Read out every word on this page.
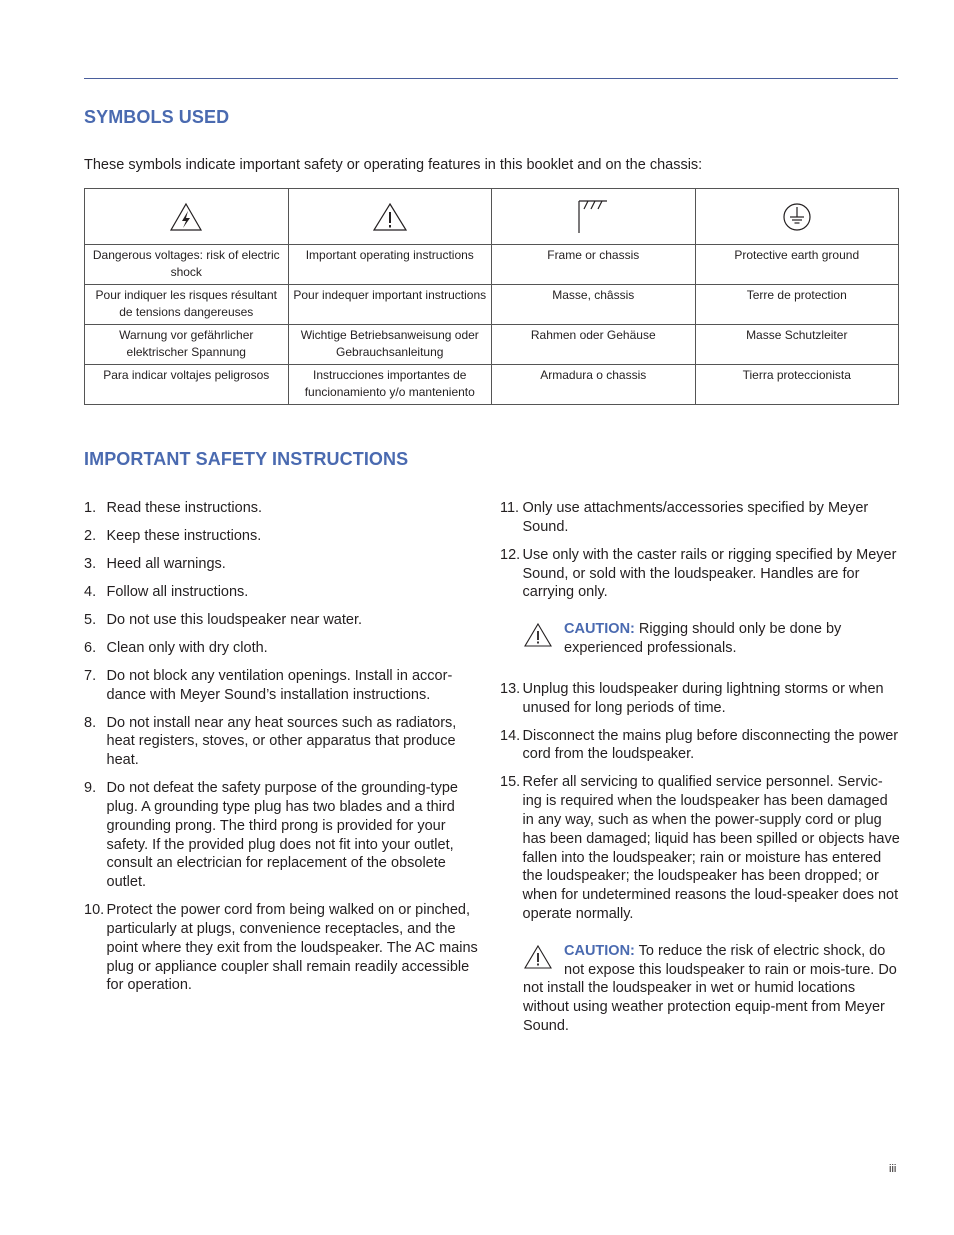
SYMBOLS USED
These symbols indicate important safety or operating features in this booklet and on the chassis:

Dangerous voltages: risk of electric shock	Important operating instructions	Frame or chassis	Protective earth ground
Pour indiquer les risques résultant de tensions dangereuses	Pour indequer important instructions	Masse, châssis	Terre de protection
Warnung vor gefährlicher elektrischer Spannung	Wichtige Betriebsanweisung oder Gebrauchsanleitung	Rahmen oder Gehäuse	Masse Schutzleiter
Para indicar voltajes peligrosos	Instrucciones importantes de funcionamiento y/o manteniento	Armadura o chassis	Tierra proteccionista
IMPORTANT SAFETY INSTRUCTIONS
1. Read these instructions.
2. Keep these instructions.
3. Heed all warnings.
4. Follow all instructions.
5. Do not use this loudspeaker near water.
6. Clean only with dry cloth.
7. Do not block any ventilation openings. Install in accor-dance with Meyer Sound’s installation instructions.
8. Do not install near any heat sources such as radiators, heat registers, stoves, or other apparatus that produce heat.
9. Do not defeat the safety purpose of the grounding-type plug. A grounding type plug has two blades and a third grounding prong. The third prong is provided for your safety. If the provided plug does not fit into your outlet, consult an electrician for replacement of the obsolete outlet.
10. Protect the power cord from being walked on or pinched, particularly at plugs, convenience receptacles, and the point where they exit from the loudspeaker. The AC mains plug or appliance coupler shall remain readily accessible for operation.
11. Only use attachments/accessories specified by Meyer Sound.
12. Use only with the caster rails or rigging specified by Meyer Sound, or sold with the loudspeaker. Handles are for carrying only.
CAUTION: Rigging should only be done by experienced professionals.
13. Unplug this loudspeaker during lightning storms or when unused for long periods of time.
14. Disconnect the mains plug before disconnecting the power cord from the loudspeaker.
15. Refer all servicing to qualified service personnel. Servic-ing is required when the loudspeaker has been damaged in any way, such as when the power-supply cord or plug has been damaged; liquid has been spilled or objects have fallen into the loudspeaker; rain or moisture has entered the loudspeaker; the loudspeaker has been dropped; or when for undetermined reasons the loud-speaker does not operate normally.
CAUTION: To reduce the risk of electric shock, do not expose this loudspeaker to rain or mois-ture. Do not install the loudspeaker in wet or humid locations without using weather protection equip-ment from Meyer Sound.
iii
